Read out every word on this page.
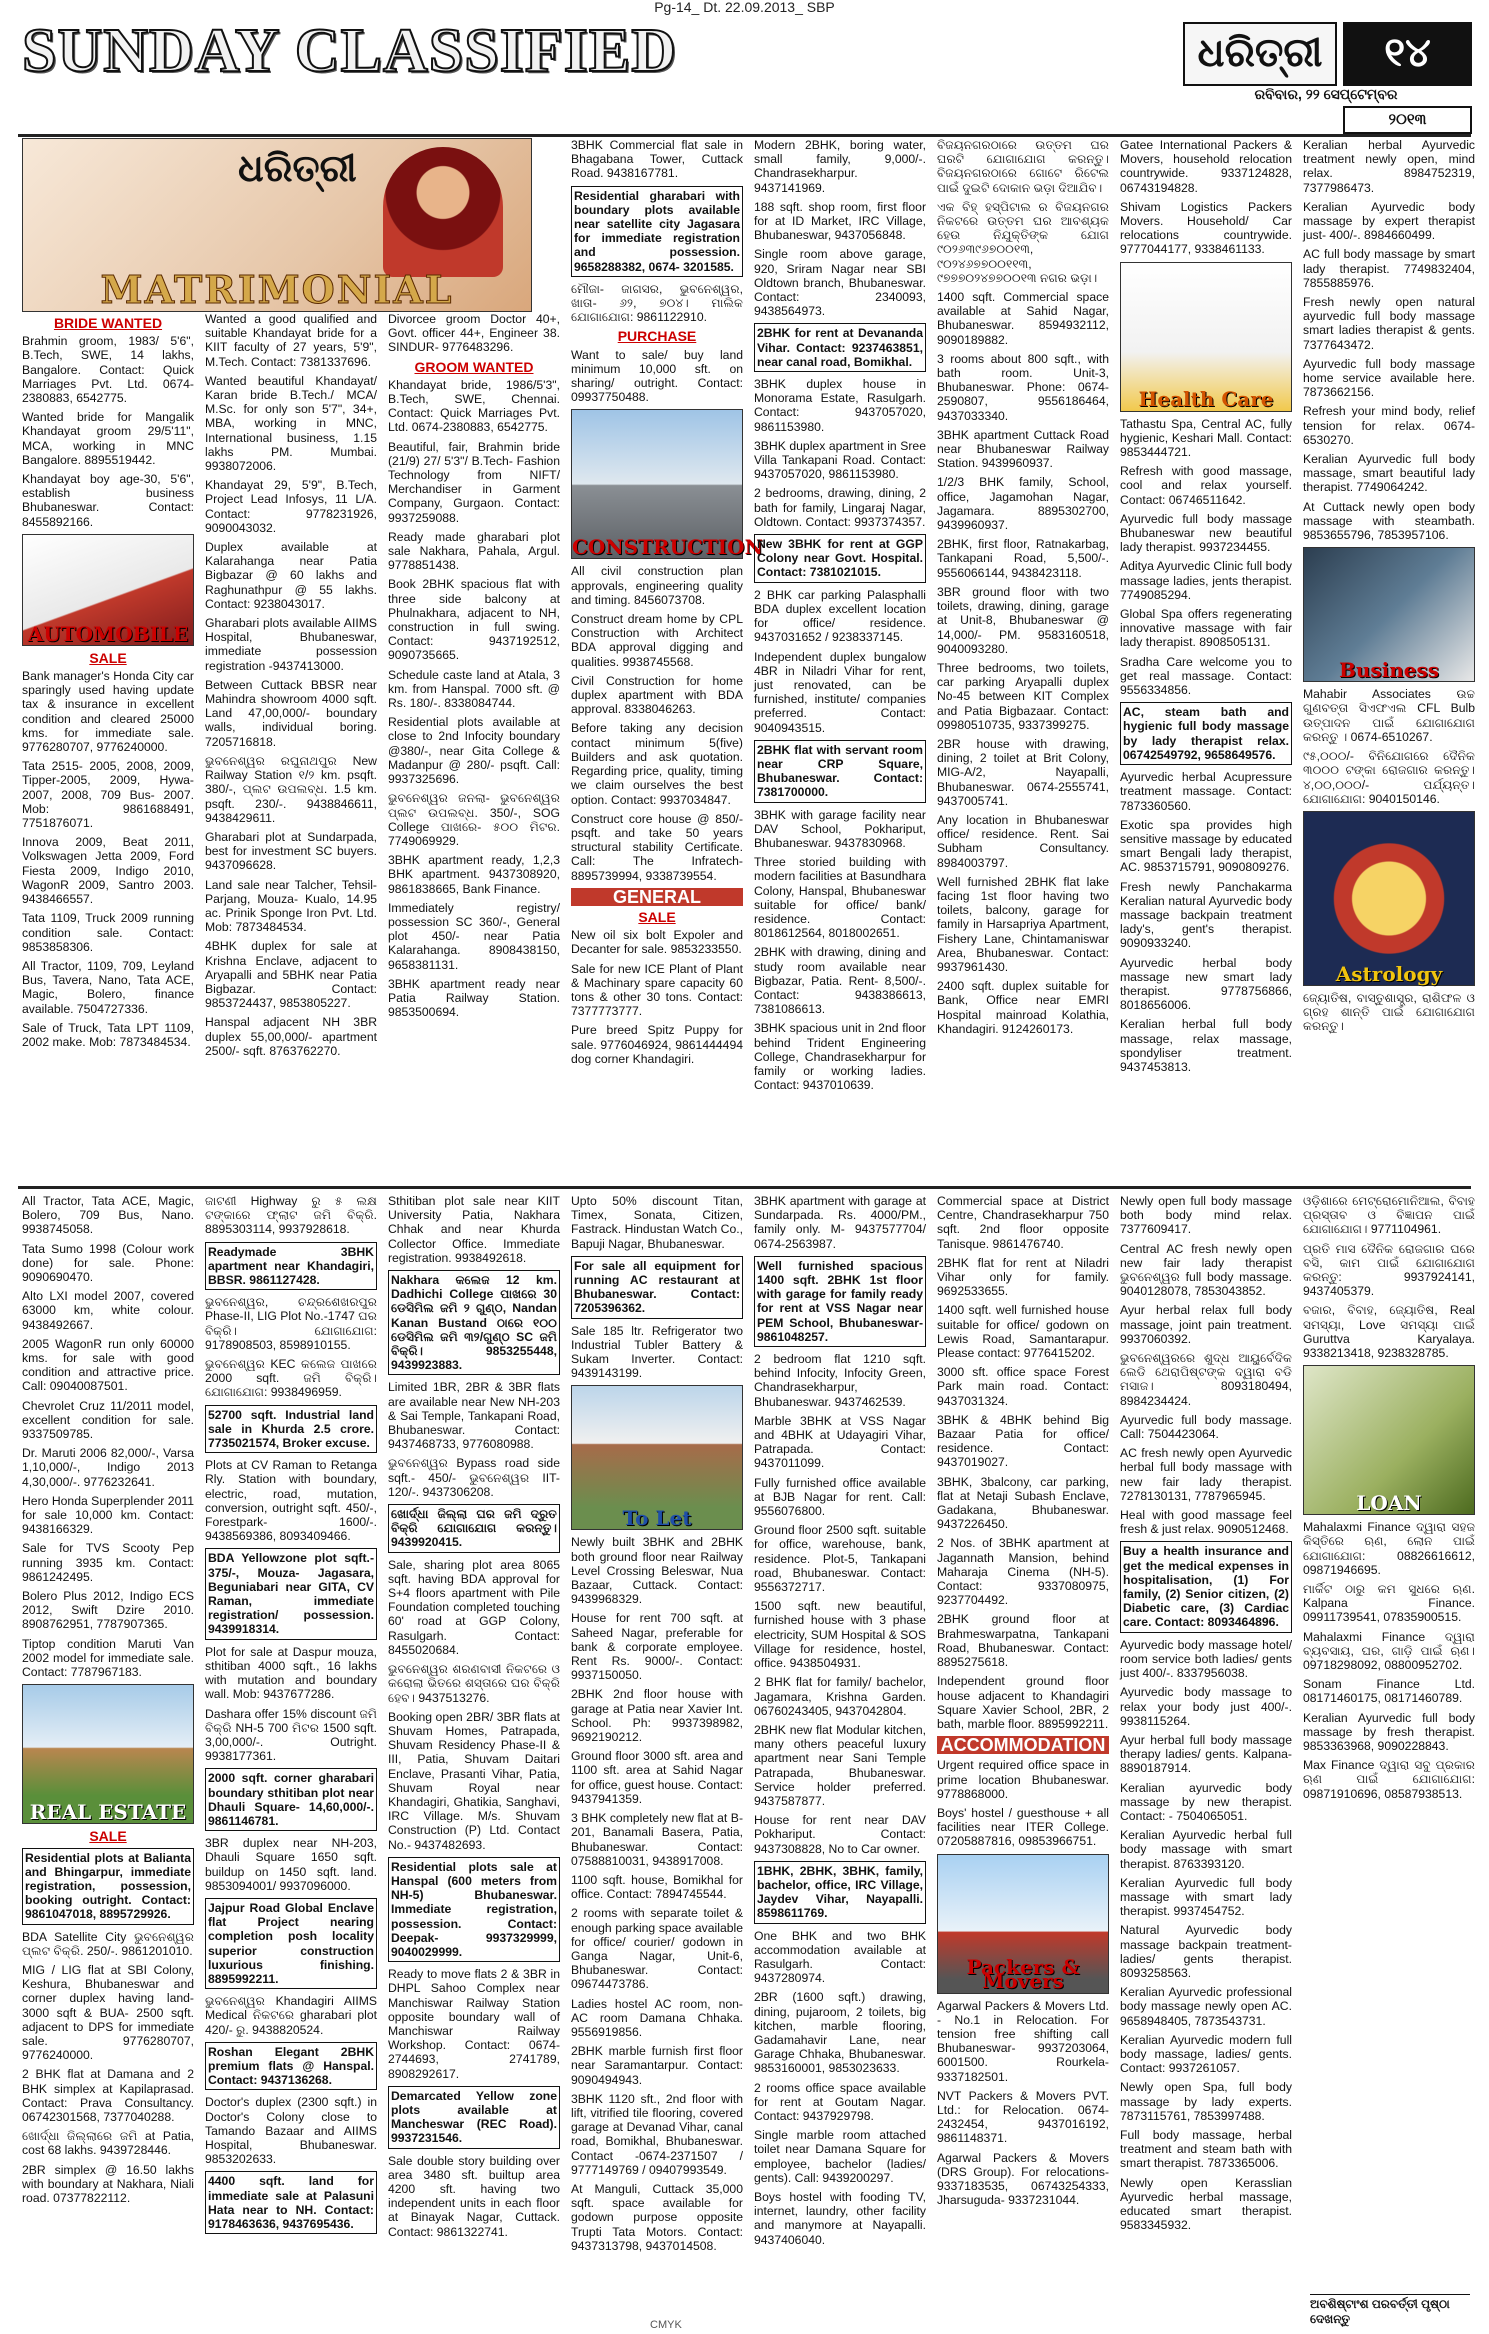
Pg-14_ Dt. 22.09.2013_ SBP
SUNDAY CLASSIFIED	ଧରିତ୍ରୀ	୧୪
ରବିବାର, ୨୨ ସେପ୍ଟେମ୍ବର
୨୦୧୩
ଧରିତ୍ରୀ
MATRIMONIAL
BRIDE WANTED

Brahmin groom, 1983/ 5'6", B.Tech, SWE, 14 lakhs, Bangalore. Contact: Quick Marriages Pvt. Ltd. 0674-2380883, 6542775.

Wanted bride for Mangalik Khandayat groom 29/5'11", MCA, working in MNC Bangalore. 8895519442.

Khandayat boy age-30, 5'6", establish business Bhubaneswar. Contact: 8455892166.

AUTOMOBILE
SALE

Bank manager's Honda City car sparingly used having update tax & insurance in excellent condition and cleared 25000 kms. for immediate sale. 9776280707, 9776240000.

Tata 2515- 2005, 2008, 2009, Tipper-2005, 2009, Hywa- 2007, 2008, 709 Bus- 2007. Mob: 9861688491, 7751876071.

Innova 2009, Beat 2011, Volkswagen Jetta 2009, Ford Fiesta 2009, Indigo 2010, WagonR 2009, Santro 2003. 9438466557.

Tata 1109, Truck 2009 running condition sale. Contact: 9853858306.

All Tractor, 1109, 709, Leyland Bus, Tavera, Nano, Tata ACE, Magic, Bolero, finance available. 7504727336.

Sale of Truck, Tata LPT 1109, 2002 make. Mob: 7873484534.

Wanted a good qualified and suitable Khandayat bride for a KIIT faculty of 27 years, 5'9", M.Tech. Contact: 7381337696.

Wanted beautiful Khandayat/ Karan bride B.Tech./ MCA/ M.Sc. for only son 5'7", 34+, MBA, working in MNC, International business, 1.15 lakhs PM. Mumbai. 9938072006.

Khandayat 29, 5'9", B.Tech, Project Lead Infosys, 11 L/A. Contact: 9778231926, 9090043032.

Duplex available at Kalarahanga near Patia Bigbazar @ 60 lakhs and Raghunathpur @ 55 lakhs. Contact: 9238043017.

Gharabari plots available AIIMS Hospital, Bhubaneswar, immediate possession registration -9437413000.

Between Cuttack BBSR near Mahindra showroom 4000 sqft. Land 47,00,000/- boundary walls, individual boring. 7205716818.

ଭୁବନେଶ୍ୱର ରଘୁନାଥପୁର New Railway Station ୧/୨ km. psqft. 380/-, ପ୍ଲଟ ଉପଲବ୍ଧ. 1.5 km. psqft. 230/-. 9438846611, 9438429611.

Gharabari plot at Sundarpada, best for investment SC buyers. 9437096628.

Land sale near Talcher, Tehsil- Parjang, Mouza- Kualo, 14.95 ac. Prinik Sponge Iron Pvt. Ltd. Mob: 7873484534.

4BHK duplex for sale at Krishna Enclave, adjacent to Aryapalli and 5BHK near Patia Bigbazar. Contact: 9853724437, 9853805227.

Hanspal adjacent NH 3BR duplex 55,00,000/- apartment 2500/- sqft. 8763762270.

Divorcee groom Doctor 40+, Govt. officer 44+, Engineer 38. SINDUR- 9776483296.

GROOM WANTED

Khandayat bride, 1986/5'3", B.Tech, SWE, Chennai. Contact: Quick Marriages Pvt. Ltd. 0674-2380883, 6542775.

Beautiful, fair, Brahmin bride (21/9) 27/ 5'3"/ B.Tech- Fashion Technology from NIFT/ Merchandiser in Garment Company, Gurgaon. Contact: 9937259088.

Ready made gharabari plot sale Nakhara, Pahala, Argul. 9778851438.

Book 2BHK spacious flat with three side balcony at Phulnakhara, adjacent to NH, construction in full swing. Contact: 9437192512, 9090735665.

Schedule caste land at Atala, 3 km. from Hanspal. 7000 sft. @ Rs. 180/-. 8338084744.

Residential plots available at close to 2nd Infocity boundary @380/-, near Gita College & Madanpur @ 280/- psqft. Call: 9937325696.

ଭୁବନେଶ୍ୱର ଜନଲା- ଭୁବନେଶ୍ୱର ପ୍ଲଟ ଉପଲବ୍ଧ. 350/-, SOG College ପାଖରେ- ୫୦୦ ମିଟର. 7749069929.

3BHK apartment ready, 1,2,3 BHK apartment. 9437308920, 9861838665, Bank Finance.

Immediately registry/ possession SC 360/-, General plot 450/- near Patia Kalarahanga. 8908438150, 9658381131.

3BHK apartment ready near Patia Railway Station. 9853500694.

3BHK Commercial flat sale in Bhagabana Tower, Cuttack Road. 9438167781.

Residential gharabari with boundary plots available near satellite city Jagasara for immediate registration and possession. 9658288382, 0674- 3201585.

ମୌଜା- ଜାଗସର, ଭୁବନେଶ୍ୱର, ଖାତା- ୬୨, ୭୦୪। ମାଲିକ ଯୋଗାଯୋଗ: 9861122910.

PURCHASE

Want to sale/ buy land minimum 10,000 sft. on sharing/ outright. Contact: 09937750488.

CONSTRUCTION

All civil construction plan approvals, engineering quality and timing. 8456073708.

Construct dream home by CPL Construction with Architect BDA approval digging and qualities. 9938745568.

Civil Construction for home duplex apartment with BDA approval. 8338046263.

Before taking any decision contact minimum 5(five) Builders and ask quotation. Regarding price, quality, timing we claim ourselves the best option. Contact: 9937034847.

Construct core house @ 850/- psqft. and take 50 years structural stability Certificate. Call: The Infratech- 8895739994, 9338739554.

GENERAL
SALE

New oil six bolt Expoler and Decanter for sale. 9853233550.

Sale for new ICE Plant of Plant & Machinary spare capacity 60 tons & other 30 tons. Contact: 7377773777.

Pure breed Spitz Puppy for sale. 9776046924, 9861444494 dog corner Khandagiri.

Modern 2BHK, boring water, small family, 9,000/-. Chandrasekharpur. 9437141969.

188 sqft. shop room, first floor for at ID Market, IRC Village, Bhubaneswar, 9437056848.

Single room above garage, 920, Sriram Nagar near SBI Oldtown branch, Bhubaneswar. Contact: 2340093, 9438564973.

2BHK for rent at Devananda Vihar. Contact: 9237463851, near canal road, Bomikhal.

3BHK duplex house in Monorama Estate, Rasulgarh. Contact: 9437057020, 9861153980.

3BHK duplex apartment in Sree Villa Tankapani Road. Contact: 9437057020, 9861153980.

2 bedrooms, drawing, dining, 2 bath for family, Lingaraj Nagar, Oldtown. Contact: 9937374357.

New 3BHK for rent at GGP Colony near Govt. Hospital. Contact: 7381021015.

2 BHK car parking Palasphalli BDA duplex excellent location for office/ residence. 9437031652 / 9238337145.

Independent duplex bungalow 4BR in Niladri Vihar for rent, just renovated, can be furnished, institute/ companies preferred. Contact: 9040943515.

2BHK flat with servant room near CRP Square, Bhubaneswar. Contact: 7381700000.

3BHK with garage facility near DAV School, Pokhariput, Bhubaneswar. 9437830968.

Three storied building with modern facilities at Basundhara Colony, Hanspal, Bhubaneswar suitable for office/ bank/ residence. Contact: 8018612564, 8018002651.

2BHK with drawing, dining and study room available near Bigbazar, Patia. Rent- 8,500/-. Contact: 9438386613, 7381086613.

3BHK spacious unit in 2nd floor behind Trident Engineering College, Chandrasekharpur for family or working ladies. Contact: 9437010639.

ବିଜୟନଗରଠାରେ ଉତ୍ତମ ଘର ଘରଟି ଯୋଗାଯୋଗ କରନ୍ତୁ। ବିଜୟନଗରଠାରେ ଗୋଟେ ରିଟେଲ ପାଇଁ ଦୁଇଟି ଦୋକାନ ଭଡ଼ା ଦିଆଯିବ।

ଏକ ବିହ୍ ହସ୍ପିଟାଲ ର ବିଜୟନଗର ନିକଟରେ ଉତ୍ତମ ଘର ଆବଶ୍ୟକ ହେଉ ନିଯୁକ୍ତିଙ୍କ ଯୋଗ ୯୦୨୬୩୯୬୭୦୦୧୩, ୯୦୨୪୬୭୭୦୦୧୧୩, ୯୭୭୭୦୨୪୭୭୦୦୧୩ ନଗର ଭଡ଼ା।

1400 sqft. Commercial space available at Sahid Nagar, Bhubaneswar. 8594932112, 9090189882.

3 rooms about 800 sqft., with bath room. Unit-3, Bhubaneswar. Phone: 0674- 2590807, 9556186464, 9437033340.

3BHK apartment Cuttack Road near Bhubaneswar Railway Station. 9439960937.

1/2/3 BHK family, School, office, Jagamohan Nagar, Jagamara. 8895302700, 9439960937.

2BHK, first floor, Ratnakarbag, Tankapani Road, 5,500/-. 9556066144, 9438423118.

3BR ground floor with two toilets, drawing, dining, garage at Unit-8, Bhubaneswar @ 14,000/- PM. 9583160518, 9040093280.

Three bedrooms, two toilets, car parking Aryapalli duplex No-45 between KIT Complex and Patia Bigbazaar. Contact: 09980510735, 9337399275.

2BR house with drawing, dining, 2 toilet at Brit Colony, MIG-A/2, Nayapalli, Bhubaneswar. 0674-2555741, 9437005741.

Any location in Bhubaneswar office/ residence. Rent. Sai Subham Consultancy. 8984003797.

Well furnished 2BHK flat lake facing 1st floor having two toilets, balcony, garage for family in Harsapriya Apartment, Fishery Lane, Chintamaniswar Area, Bhubaneswar. Contact: 9937961430.

2400 sqft. duplex suitable for Bank, Office near EMRI Hospital mainroad Kolathia, Khandagiri. 9124260173.

Gatee International Packers & Movers, household relocation countrywide. 9337124828, 06743194828.

Shivam Logistics Packers Movers. Household/ Car relocations countrywide. 9777044177, 9338461133.

Health Care

Tathastu Spa, Central AC, fully hygienic, Keshari Mall. Contact: 9853444721.

Refresh with good massage, cool and relax yourself. Contact: 06746511642.

Ayurvedic full body massage Bhubaneswar new beautiful lady therapist. 9937234455.

Aditya Ayurvedic Clinic full body massage ladies, jents therapist. 7749085294.

Global Spa offers regenerating innovative massage with fair lady therapist. 8908505131.

Sradha Care welcome you to get real massage. Contact: 9556334856.

AC, steam bath and hygienic full body massage by lady therapist relax. 06742549792, 9658649576.

Ayurvedic herbal Acupressure treatment massage. Contact: 7873360560.

Exotic spa provides high sensitive massage by educated smart Bengali lady therapist, AC. 9853715791, 9090809276.

Fresh newly Panchakarma Keralian natural Ayurvedic body massage backpain treatment lady's, gent's therapist. 9090933240.

Ayurvedic herbal body massage new smart lady therapist. 9778756866, 8018656006.

Keralian herbal full body massage, relax massage, spondyliser treatment. 9437453813.

Keralian herbal Ayurvedic treatment newly open, mind relax. 8984752319, 7377986473.

Keralian Ayurvedic body massage by expert therapist just- 400/-. 8984660499.

AC full body massage by smart lady therapist. 7749832404, 7855885976.

Fresh newly open natural ayurvedic full body massage smart ladies therapist & gents. 7377643472.

Ayurvedic full body massage home service available here. 7873662156.

Refresh your mind body, relief tension for relax. 0674- 6530270.

Keralian Ayurvedic full body massage, smart beautiful lady therapist. 7749064242.

At Cuttack newly open body massage with steambath. 9853655796, 7853957106.

Business

Mahabir Associates ଉଚ୍ଚ ଗୁଣବତ୍ତା ସିଏଫଏଲ CFL Bulb ଉତ୍ପାଦନ ପାଇଁ ଯୋଗାଯୋଗ କରନ୍ତୁ । 0674-6510267.

୯୫,୦୦୦/- ବିନିଯୋଗରେ ଦୈନିକ ୩୦୦୦ ଟଙ୍କା ରୋଜଗାର କରନ୍ତୁ। ୪,୦୦,୦୦୦/- ପର୍ଯ୍ୟନ୍ତ। ଯୋଗାଯୋଗ: 9040150146.

Astrology

ଜ୍ୟୋତିଷ, ବାସ୍ତୁଶାସ୍ତ୍ର, ରାଶିଫଳ ଓ ଗ୍ରହ ଶାନ୍ତି ପାଇଁ ଯୋଗାଯୋଗ କରନ୍ତୁ।

All Tractor, Tata ACE, Magic, Bolero, 709 Bus, Nano. 9938745058.

Tata Sumo 1998 (Colour work done) for sale. Phone: 9090690470.

Alto LXI model 2007, covered 63000 km, white colour. 9438492667.

2005 WagonR run only 60000 kms. for sale with good condition and attractive price. Call: 09040087501.

Chevrolet Cruz 11/2011 model, excellent condition for sale. 9337509785.

Dr. Maruti 2006 82,000/-, Varsa 1,10,000/-, Indigo 2013 4,30,000/-. 9776232641.

Hero Honda Superplender 2011 for sale 10,000 km. Contact: 9438166329.

Sale for TVS Scooty Pep running 3935 km. Contact: 9861242495.

Bolero Plus 2012, Indigo ECS 2012, Swift Dzire 2010. 8908762951, 7787907365.

Tiptop condition Maruti Van 2002 model for immediate sale. Contact: 7787967183.

REAL ESTATE
SALE

Residential plots at Balianta and Bhingarpur, immediate registration, possession, booking outright. Contact: 9861047018, 8895729926.

BDA Satellite City ଭୁବନେଶ୍ୱର ପ୍ଲଟ ବିକ୍ରି. 250/-. 9861201010.

MIG / LIG flat at SBI Colony, Keshura, Bhubaneswar and corner duplex having land- 3000 sqft & BUA- 2500 sqft. adjacent to DPS for immediate sale. 9776280707, 9776240000.

2 BHK flat at Damana and 2 BHK simplex at Kapilaprasad. Contact: Prava Consultancy. 06742301568, 7377040288.

ଖୋର୍ଦ୍ଧା ଜିଲ୍ଲାରେ ଜମି at Patia, cost 68 lakhs. 9439728446.

2BR simplex @ 16.50 lakhs with boundary at Nakhara, Niali road. 07377822112.

ଜାଟଣୀ Highway ରୁ ୫ ଲକ୍ଷ ଟଙ୍କାରେ ଫ୍ଲାଟ ଜମି ବିକ୍ରି. 8895303114, 9937928618.

Readymade 3BHK apartment near Khandagiri, BBSR. 9861127428.

ଭୁବନେଶ୍ୱର, ଚନ୍ଦ୍ରଶେଖରପୁର Phase-II, LIG Plot No.-1747 ଘର ବିକ୍ରି। ଯୋଗାଯୋଗ: 9178908503, 8598910155.

ଭୁବନେଶ୍ୱର KEC କଲେଜ ପାଖରେ 2000 sqft. ଜମି ବିକ୍ରି। ଯୋଗାଯୋଗ: 9938496959.

52700 sqft. Industrial land sale in Khurda 2.5 crore. 7735021574, Broker excuse.

Plots at CV Raman to Retanga Rly. Station with boundary, electric, road, mutation, conversion, outright sqft. 450/-, Forestpark- 1600/-. 9438569386, 8093409466.

BDA Yellowzone plot sqft.- 375/-, Mouza- Jagasara, Beguniabari near GITA, CV Raman, immediate registration/ possession. 9439918314.

Plot for sale at Daspur mouza, sthitiban 4000 sqft., 16 lakhs with mutation and boundary wall. Mob: 9437677286.

Dashara offer 15% discount ଜମି ବିକ୍ରି NH-5 700 ମିଟର 1500 sqft. 3,00,000/-. Outright. 9938177361.

2000 sqft. corner gharabari boundary sthitiban plot near Dhauli Square- 14,60,000/-. 9861146781.

3BR duplex near NH-203, Dhauli Square 1650 sqft. buildup on 1450 sqft. land. 9853094001/ 9937096000.

Jajpur Road Global Enclave flat Project nearing completion posh locality superior construction luxurious finishing. 8895992211.

ଭୁବନେଶ୍ୱର Khandagiri AIIMS Medical ନିକଟରେ gharabari plot 420/- ରୁ. 9438820524.

Roshan Elegant 2BHK premium flats @ Hanspal. Contact: 9437136268.

Doctor's duplex (2300 sqft.) in Doctor's Colony close to Tamando Bazaar and AIIMS Hospital, Bhubaneswar. 9853202633.

4400 sqft. land for immediate sale at Palasuni Hata near to NH. Contact: 9178463636, 9437695436.

Sthitiban plot sale near KIIT University Patia, Nakhara Chhak and near Khurda Collector Office. Immediate registration. 9938492618.

Nakhara କଲେଜ 12 km. Dadhichi College ପାଖରେ 30 ଡେସିମିଲ ଜମି ୨ ଗୁଣ୍ଠ, Nandan Kanan Bustand ଠାରେ ୧୦୦ ଡେସିମିଲ ଜମି ୩୨/ଗୁଣ୍ଠ SC ଜମି ବିକ୍ରି। 9853255448, 9439923883.

Limited 1BR, 2BR & 3BR flats are available near New NH-203 & Sai Temple, Tankapani Road, Bhubaneswar. Contact: 9437468733, 9776080988.

ଭୁବନେଶ୍ୱର Bypass road side sqft.- 450/- ଭୁବନେଶ୍ୱର IIT- 120/-. 9437306208.

ଖୋର୍ଦ୍ଧା ଜିଲ୍ଲା ଘର ଜମି ଦ୍ରୁତ ବିକ୍ରି ଯୋଗାଯୋଗ କରନ୍ତୁ। 9439920415.

Sale, sharing plot area 8065 sqft. having BDA approval for S+4 floors apartment with Pile Foundation completed touching 60' road at GGP Colony, Rasulgarh. Contact: 8455020684.

ଭୁବନେଶ୍ୱର ଶରଣବାସୀ ନିକଟରେ ଓ କରୋଲା ଭିତରେ ଶସ୍ତାରେ ଘର ବିକ୍ରି ହେବ। 9437513276.

Booking open 2BR/ 3BR flats at Shuvam Homes, Patrapada, Shuvam Residency Phase-II & III, Patia, Shuvam Daitari Enclave, Prasanti Vihar, Patia, Shuvam Royal near Khandagiri, Ghatikia, Sanghavi, IRC Village. M/s. Shuvam Construction (P) Ltd. Contact No.- 9437482693.

Residential plots sale at Hanspal (600 meters from NH-5) Bhubaneswar. Immediate registration, possession. Contact: Deepak- 9937329999, 9040029999.

Ready to move flats 2 & 3BR in DHPL Sahoo Complex near Manchiswar Railway Station opposite boundary wall of Manchiswar Railway Workshop. Contact: 0674- 2744693, 2741789, 8908292617.

Demarcated Yellow zone plots available at Mancheswar (REC Road). 9937231546.

Sale double story building over area 3480 sft. builtup area 4200 sft. having two independent units in each floor at Binayak Nagar, Cuttack. Contact: 9861322741.

Upto 50% discount Titan, Timex, Sonata, Citizen, Fastrack. Hindustan Watch Co., Bapuji Nagar, Bhubaneswar.

For sale all equipment for running AC restaurant at Bhubaneswar. Contact: 7205396362.

Sale 185 ltr. Refrigerator two Industrial Tubler Battery & Sukam Inverter. Contact: 9439143199.

To Let

Newly built 3BHK and 2BHK both ground floor near Railway Level Crossing Beleswar, Nua Bazaar, Cuttack. Contact: 9439968329.

House for rent 700 sqft. at Saheed Nagar, preferable for bank & corporate employee. Rent Rs. 9000/-. Contact: 9937150050.

2BHK 2nd floor house with garage at Patia near Xavier Int. School. Ph: 9937398982, 9692190212.

Ground floor 3000 sft. area and 1100 sft. area at Sahid Nagar for office, guest house. Contact: 9437941359.

3 BHK completely new flat at B-201, Banamali Basera, Patia, Bhubaneswar. Contact: 07588810031, 9438917008.

1100 sqft. house, Bomikhal for office. Contact: 7894745544.

2 rooms with separate toilet & enough parking space available for office/ courier/ godown in Ganga Nagar, Unit-6, Bhubaneswar. Contact: 09674473786.

Ladies hostel AC room, non- AC room Damana Chhaka. 9556919856.

2BHK marble furnish first floor near Saramantarpur. Contact: 9090494943.

3BHK 1120 sft., 2nd floor with lift, vitrified tile flooring, covered garage at Devanad Vihar, canal road, Bomikhal, Bhubaneswar. Contact -0674-2371507 / 9777149769 / 09407993549.

At Manguli, Cuttack 35,000 sqft. space available for godown purpose opposite Trupti Tata Motors. Contact: 9437313798, 9437014508.

3BHK apartment with garage at Sundarpada. Rs. 4000/PM., family only. M- 9437577704/ 0674-2563987.

Well furnished spacious 1400 sqft. 2BHK 1st floor with garage for family ready for rent at VSS Nagar near PEM School, Bhubaneswar- 9861048257.

2 bedroom flat 1210 sqft. behind Infocity, Infocity Green, Chandrasekharpur, Bhubaneswar. 9437462539.

Marble 3BHK at VSS Nagar and 4BHK at Udayagiri Vihar, Patrapada. Contact: 9437011099.

Fully furnished office available at BJB Nagar for rent. Call: 9556076800.

Ground floor 2500 sqft. suitable for office, warehouse, bank, residence. Plot-5, Tankapani road, Bhubaneswar. Contact: 9556372717.

1500 sqft. new beautiful, furnished house with 3 phase electricity, SUM Hospital & SOS Village for residence, hostel, office. 9438504931.

2 BHK flat for family/ bachelor, Jagamara, Krishna Garden. 06760243405, 9437042804.

2BHK new flat Modular kitchen, many others peaceful luxury apartment near Sani Temple Patrapada, Bhubaneswar. Service holder preferred. 9437587877.

House for rent near DAV Pokhariput. Contact: 9437308828, No to Car owner.

1BHK, 2BHK, 3BHK, family, bachelor, office, IRC Village, Jaydev Vihar, Nayapalli. 8598611769.

One BHK and two BHK accommodation available at Rasulgarh. Contact: 9437280974.

2BR (1600 sqft.) drawing, dining, pujaroom, 2 toilets, big kitchen, marble flooring, Gadamahavir Lane, near Garage Chhaka, Bhubaneswar. 9853160001, 9853023633.

2 rooms office space available for rent at Goutam Nagar. Contact: 9437929798.

Single marble room attached toilet near Damana Square for employee, bachelor (ladies/ gents). Call: 9439200297.

Boys hostel with fooding TV, internet, laundry, other facility and manymore at Nayapalli. 9437406040.

Commercial space at District Centre, Chandrasekharpur 750 sqft. 2nd floor opposite Tanisque. 9861476740.

2BHK flat for rent at Niladri Vihar only for family. 9692533655.

1400 sqft. well furnished house suitable for office/ godown on Lewis Road, Samantarapur. Please contact: 9776415202.

3000 sft. office space Forest Park main road. Contact: 9437031324.

3BHK & 4BHK behind Big Bazaar Patia for office/ residence. Contact: 9437019027.

3BHK, 3balcony, car parking, flat at Netaji Subash Enclave, Gadakana, Bhubaneswar. 9437226450.

2 Nos. of 3BHK apartment at Jagannath Mansion, behind Maharaja Cinema (NH-5). Contact: 9337080975, 9237704492.

2BHK ground floor at Brahmeswarpatna, Tankapani Road, Bhubaneswar. Contact: 8895275618.

Independent ground floor house adjacent to Khandagiri Square Xavier School, 2BR, 2 bath, marble floor. 8895992211.

ACCOMMODATION

Urgent required office space in prime location Bhubaneswar. 9778868000.

Boys' hostel / guesthouse + all facilities near ITER College. 07205887816, 09853966751.

Packers & Movers

Agarwal Packers & Movers Ltd. - No.1 in Relocation. For tension free shifting call Bhubaneswar- 9937203064, 6001500. Rourkela- 9337182501.

NVT Packers & Movers PVT. Ltd.: for Relocation. 0674- 2432454, 9437016192, 9861148371.

Agarwal Packers & Movers (DRS Group). For relocations- 9337183535, 06743254333, Jharsuguda- 9337231044.

Newly open full body massage both body mind relax. 7377609417.

Central AC fresh newly open new fair lady therapist ଭୁବନେଶ୍ୱର full body massage. 9040128078, 7853043852.

Ayur herbal relax full body massage, joint pain treatment. 9937060392.

ଭୁବନେଶ୍ୱରରେ ଶୁଦ୍ଧ ଆୟୁର୍ବେଦିକ ଲେଡି ଥେରାପିଷ୍ଟଙ୍କ ଦ୍ୱାରା ବଡି ମସାଜ। 8093180494, 8984234424.

Ayurvedic full body massage. Call: 7504423064.

AC fresh newly open Ayurvedic herbal full body massage with new fair lady therapist. 7278130131, 7787965945.

Heal with good massage feel fresh & just relax. 9090512468.

Buy a health insurance and get the medical expenses in hospitalisation, (1) For family, (2) Senior citizen, (2) Diabetic care, (3) Cardiac care. Contact: 8093464896.

Ayurvedic body massage hotel/ room service both ladies/ gents just 400/-. 8337956038.

Ayurvedic body massage to relax your body just 400/-. 9938115264.

Ayur herbal full body massage therapy ladies/ gents. Kalpana- 8890187914.

Keralian ayurvedic body massage by new therapist. Contact: - 7504065051.

Keralian Ayurvedic herbal full body massage with smart therapist. 8763393120.

Keralian Ayurvedic full body massage with smart lady therapist. 9937454752.

Natural Ayurvedic body massage backpain treatment- ladies/ gents therapist. 8093258563.

Keralian Ayurvedic professional body massage newly open AC. 9658948405, 7873543731.

Keralian Ayurvedic modern full body massage, ladies/ gents. Contact: 9937261057.

Newly open Spa, full body massage by lady experts. 7873115761, 7853997488.

Full body massage, herbal treatment and steam bath with smart therapist. 7873365006.

Newly open Kerasslian Ayurvedic herbal massage, educated smart therapist. 9583345932.

ଓଡ଼ିଶାରେ ମେଟ୍ରୋମୋନିଆଲ, ବିବାହ ପ୍ରସ୍ତାବ ଓ ବିଜ୍ଞାପନ ପାଇଁ ଯୋଗାଯୋଗ। 9771104961.

ପ୍ରତି ମାସ ଦୈନିକ ରୋଜଗାର ଘରେ ବସି, କାମ ପାଇଁ ଯୋଗାଯୋଗ କରନ୍ତୁ: 9937924141, 9437405379.

ବଜାର, ବିବାହ, ଜ୍ୟୋତିଷ, Real ସମସ୍ୟା, Love ସମସ୍ୟା ପାଇଁ Guruttva Karyalaya. 9338213418, 9238328785.

LOAN

Mahalaxmi Finance ଦ୍ୱାରା ସହଜ କିସ୍ତିରେ ଋଣ, ଲୋନ ପାଇଁ ଯୋଗାଯୋଗ: 08826616612, 09871946695.

ମାର୍କିଟ ଠାରୁ କମ ସୁଧରେ ଋଣ. Kalpana Finance. 09911739541, 07835900515.

Mahalaxmi Finance ଦ୍ୱାରା ବ୍ୟବସାୟ, ଘର, ଗାଡ଼ି ପାଇଁ ଋଣ। 09718298092, 08800952702.

Sonam Finance Ltd. 08171460175, 08171460789.

Keralian Ayurvedic full body massage by fresh therapist. 9853363968, 9090228843.

Max Finance ଦ୍ୱାରା ସବୁ ପ୍ରକାର ଋଣ ପାଇଁ ଯୋଗାଯୋଗ: 09871910696, 08587938513.

ଅବଶିଷ୍ଟାଂଶ ପରବର୍ତ୍ତୀ ପୃଷ୍ଠା ଦେଖନ୍ତୁ
CMYK
